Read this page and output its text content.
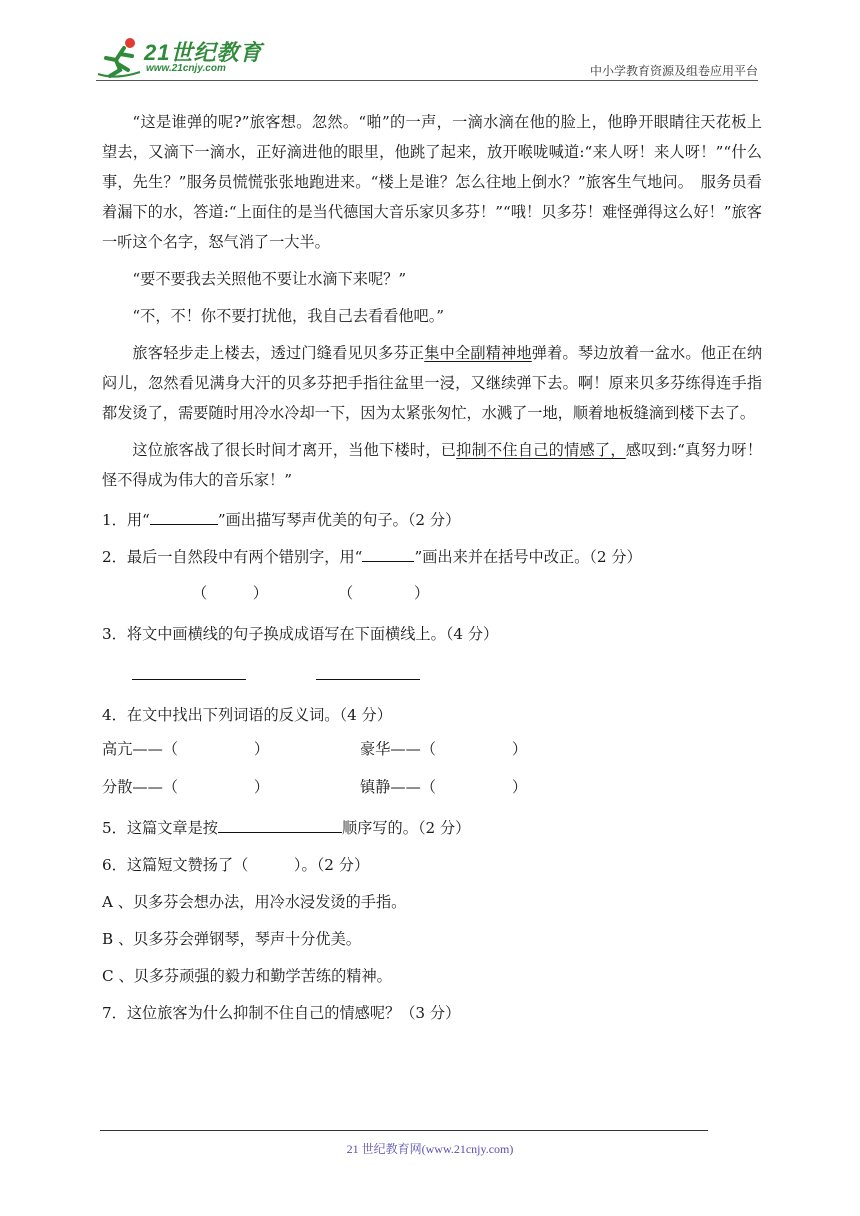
21世纪教育
www.21cnjy.com	中小学教育资源及组卷应用平台

“这是谁弹的呢?”旅客想。忽然。“啪”的一声，一滴水滴在他的脸上，他睁开眼睛往天花板上望去，又滴下一滴水，正好滴进他的眼里，他跳了起来，放开喉咙喊道:“来人呀！来人呀！”“什么事，先生？”服务员慌慌张张地跑进来。“楼上是谁？怎么往地上倒水？”旅客生气地问。　服务员看着漏下的水，答道:“上面住的是当代德国大音乐家贝多芬！”“哦！贝多芬！难怪弹得这么好！”旅客一听这个名字，怒气消了一大半。

“要不要我去关照他不要让水滴下来呢？”

“不，不！你不要打扰他，我自己去看看他吧。”

旅客轻步走上楼去，透过门缝看见贝多芬正集中全副精神地弹着。琴边放着一盆水。他正在纳闷儿，忽然看见满身大汗的贝多芬把手指往盆里一浸，又继续弹下去。啊！原来贝多芬练得连手指都发烫了，需要随时用冷水冷却一下，因为太紧张匆忙，水溅了一地，顺着地板缝滴到楼下去了。

这位旅客战了很长时间才离开，当他下楼时，已抑制不住自己的情感了，感叹到:“真努力呀！怪不得成为伟大的音乐家！”

1．用“	”画出描写琴声优美的句子。（2 分）

2．最后一自然段中有两个错别字，用“	”画出来并在括号中改正。（2 分）

（　　　）	（　　　　）

3．将文中画横线的句子换成成语写在下面横线上。（4 分）

4．在文中找出下列词语的反义词。（4 分）

高亢——（　　　　　）	豪华——（　　　　　）
分散——（　　　　　）	镇静——（　　　　　）

5．这篇文章是按	顺序写的。（2 分）

6．这篇短文赞扬了（　　　）。（2 分）

A 、贝多芬会想办法，用冷水浸发烫的手指。

B 、贝多芬会弹钢琴，琴声十分优美。

C 、贝多芬顽强的毅力和勤学苦练的精神。

7．这位旅客为什么抑制不住自己的情感呢？（3 分）

21 世纪教育网(www.21cnjy.com)
